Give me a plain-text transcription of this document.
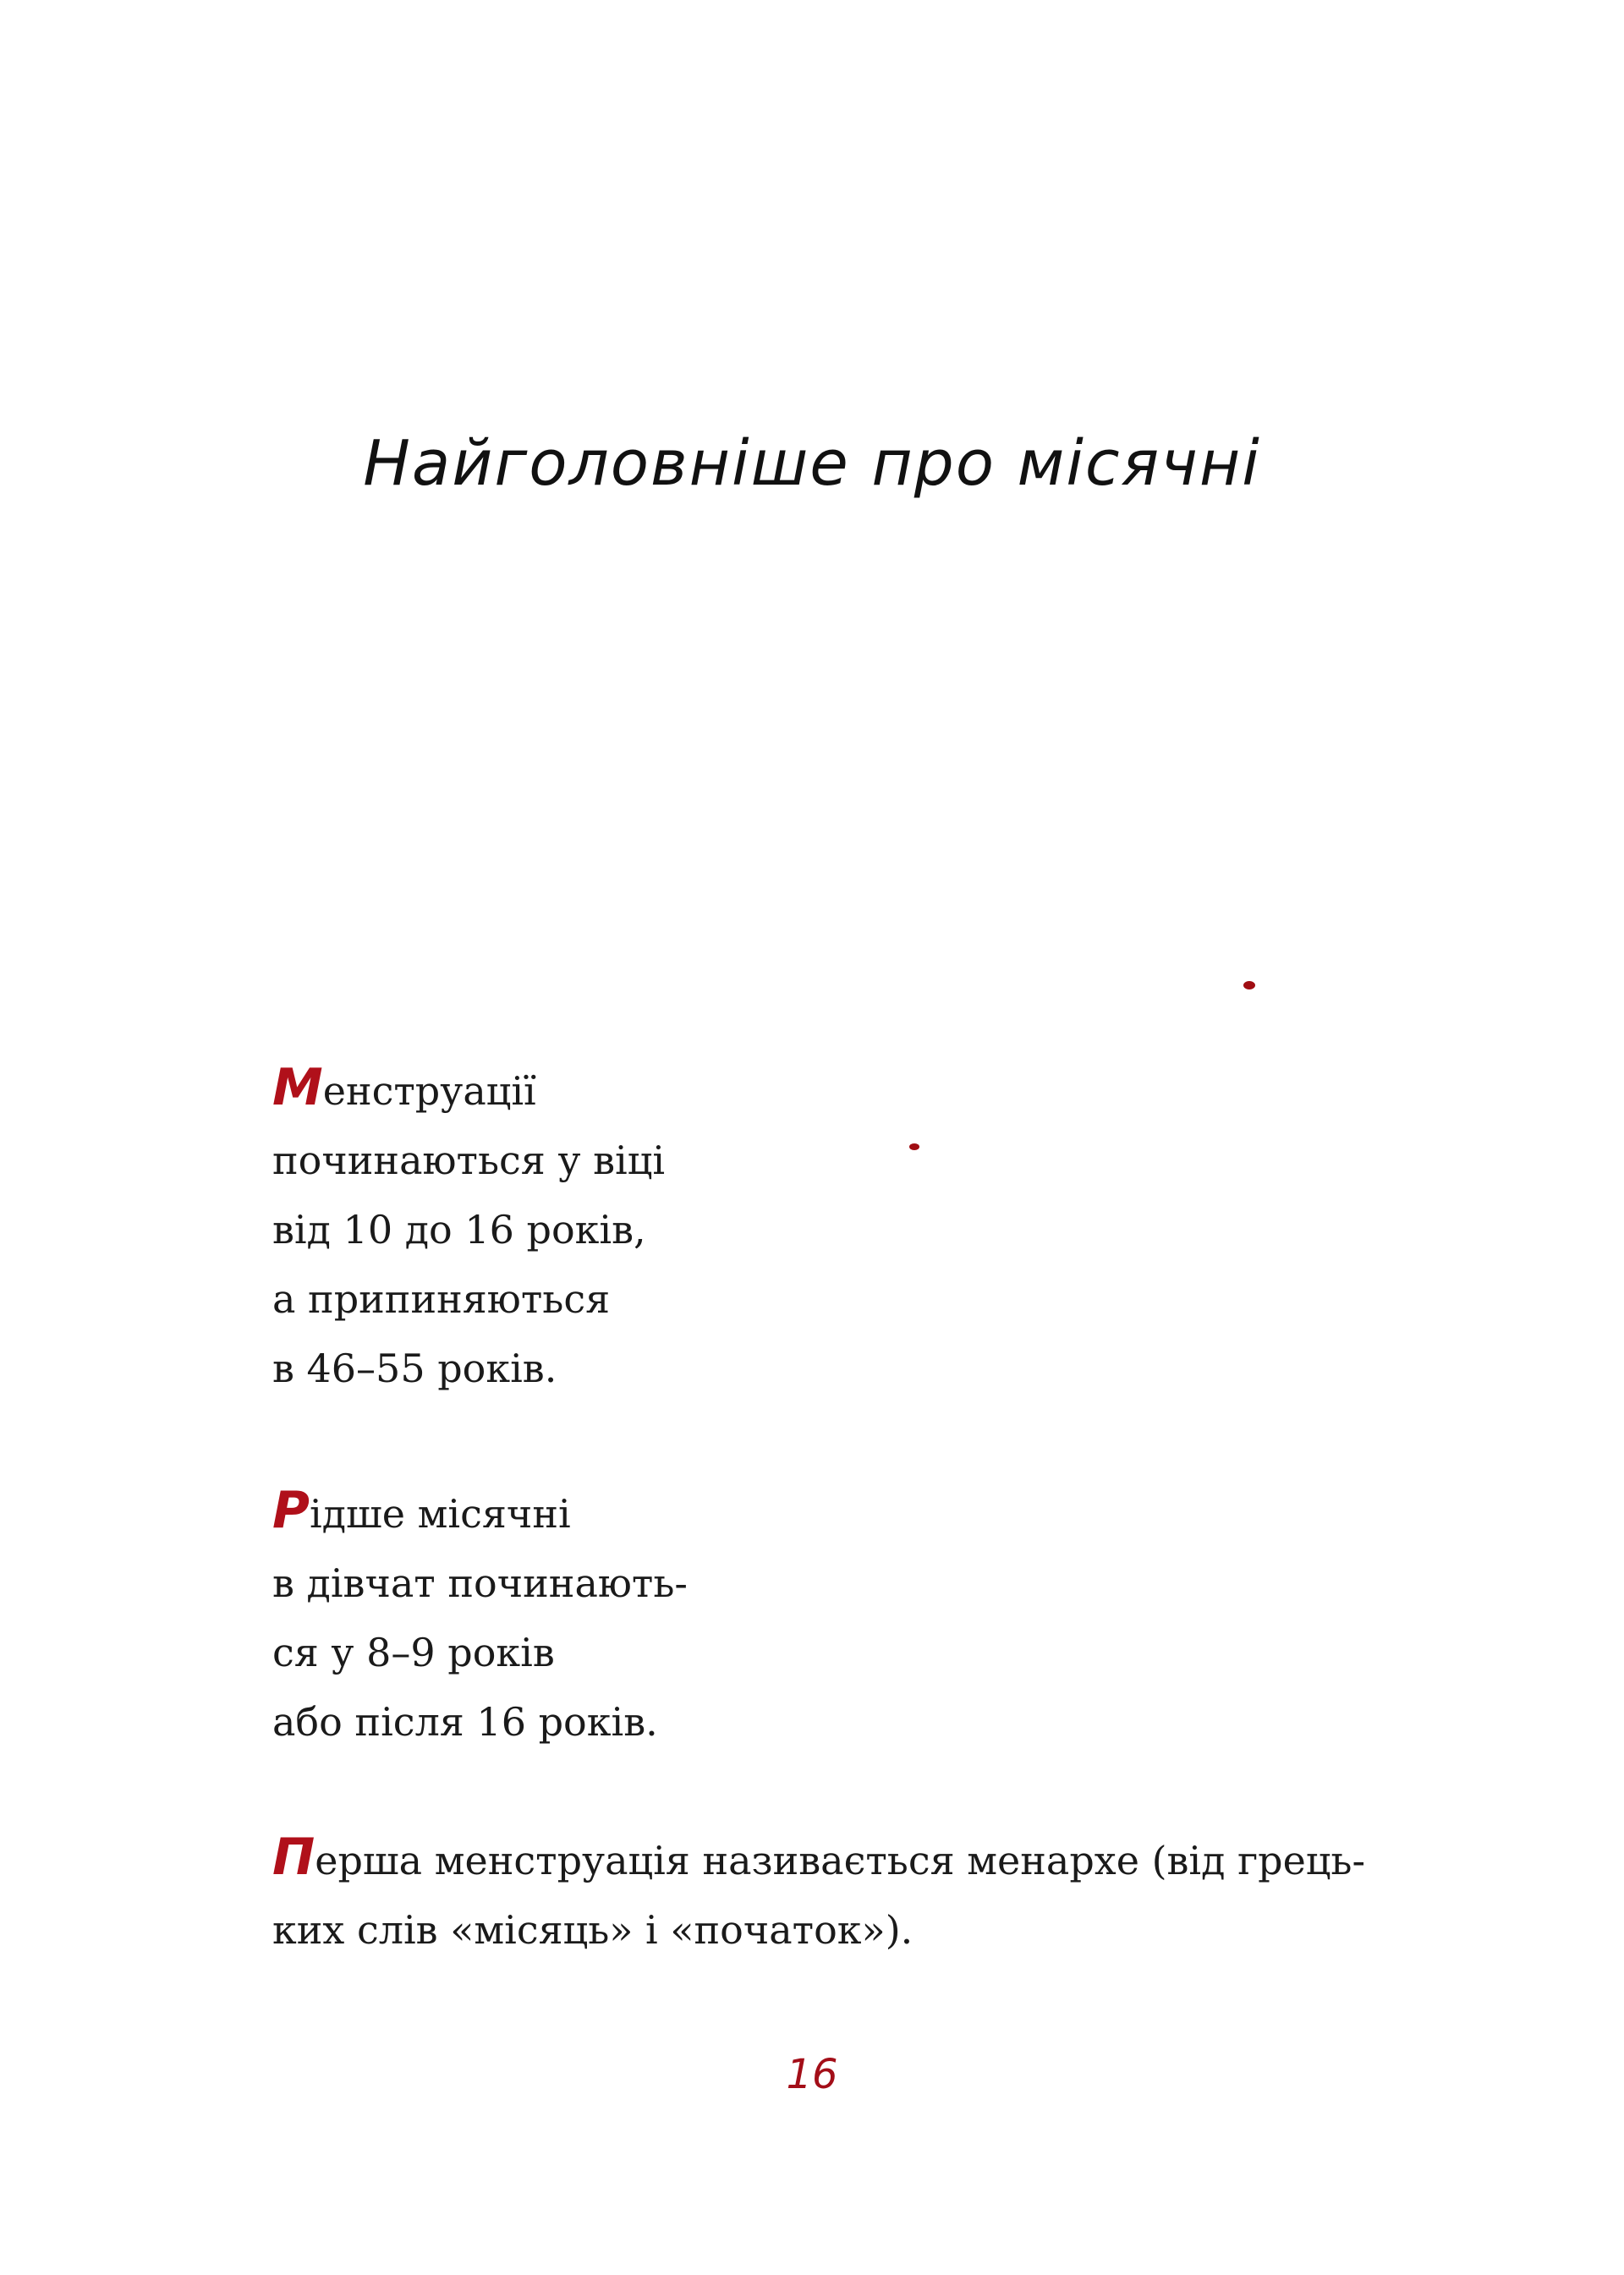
Найголовніше про місячні
Менструації
починаються у віці
від 10 до 16 років,
а припиняються
в 46–55 років.
Рідше місячні
в дівчат починають-
ся у 8–9 років
або після 16 років.
Перша менструація називається менархе (від грець-
ких слів «місяць» і «початок»).
16
